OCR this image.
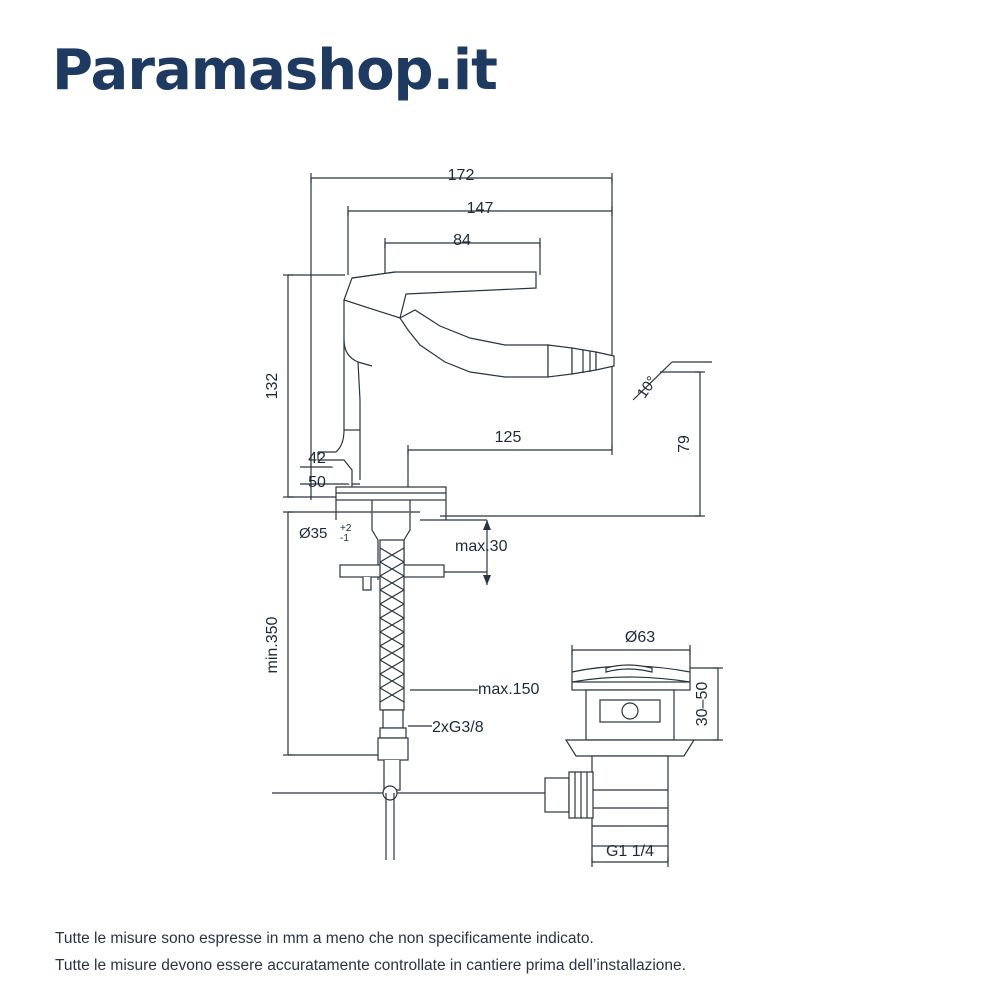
Paramashop.it
172
147
84
132
79
10°
125
42
50
Ø35 +2
-1	max.30
min.350
max.150
2xG3/8
Ø63
30–50
G1 1/4
Tutte le misure sono espresse in mm a meno che non specificamente indicato.
Tutte le misure devono essere accuratamente controllate in cantiere prima dell’installazione.
